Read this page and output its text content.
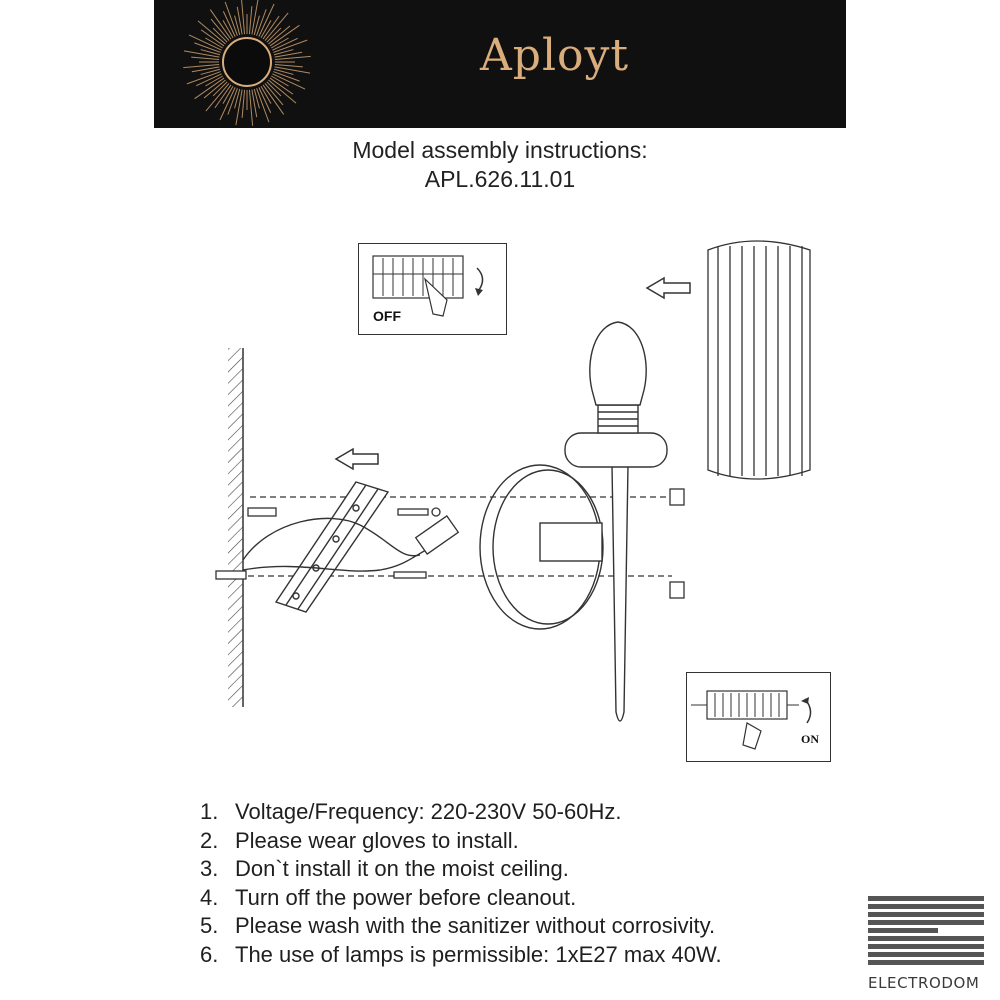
Aployt
Model assembly instructions:
APL.626.11.01
OFF
ON
1. Voltage/Frequency: 220-230V 50-60Hz.
2. Please wear gloves to install.
3. Don`t install it on the moist ceiling.
4. Turn off the power before cleanout.
5. Please wash with the sanitizer without corrosivity.
6. The use of lamps is permissible: 1xE27 max 40W.
ELECTRODOM
